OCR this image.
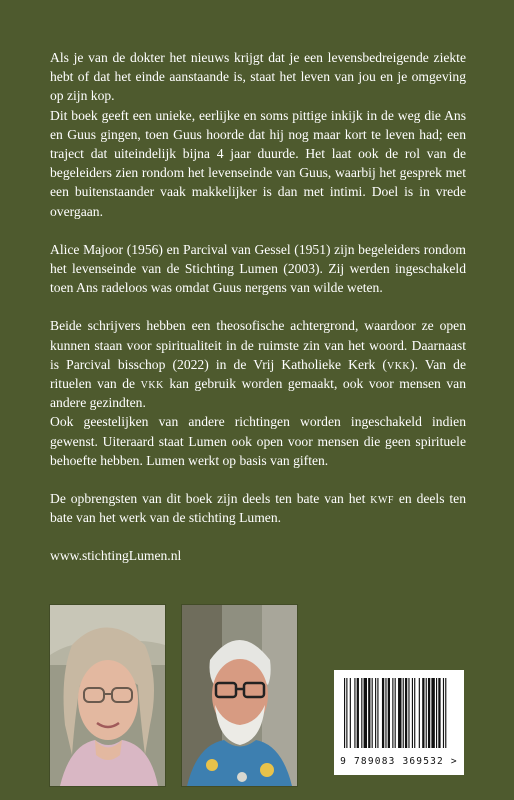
Als je van de dokter het nieuws krijgt dat je een levensbedreigende ziekte hebt of dat het einde aanstaande is, staat het leven van jou en je omgeving op zijn kop.

Dit boek geeft een unieke, eerlijke en soms pittige inkijk in de weg die Ans en Guus gingen, toen Guus hoorde dat hij nog maar kort te leven had; een traject dat uiteindelijk bijna 4 jaar duurde. Het laat ook de rol van de begeleiders zien rondom het levenseinde van Guus, waarbij het gesprek met een buitenstaander vaak makkelijker is dan met intimi. Doel is in vrede overgaan.

Alice Majoor (1956) en Parcival van Gessel (1951) zijn begeleiders rondom het levenseinde van de Stichting Lumen (2003). Zij werden ingeschakeld toen Ans radeloos was omdat Guus nergens van wilde weten.

Beide schrijvers hebben een theosofische achtergrond, waardoor ze open kunnen staan voor spiritualiteit in de ruimste zin van het woord. Daarnaast is Parcival bisschop (2022) in de Vrij Katholieke Kerk (vkk). Van de rituelen van de vkk kan gebruik worden gemaakt, ook voor mensen van andere gezindten.

Ook geestelijken van andere richtingen worden ingeschakeld indien gewenst. Uiteraard staat Lumen ook open voor mensen die geen spirituele behoefte hebben. Lumen werkt op basis van giften.

De opbrengsten van dit boek zijn deels ten bate van het kwf en deels ten bate van het werk van de stichting Lumen.

www.stichtingLumen.nl

9 789083 369532 >
